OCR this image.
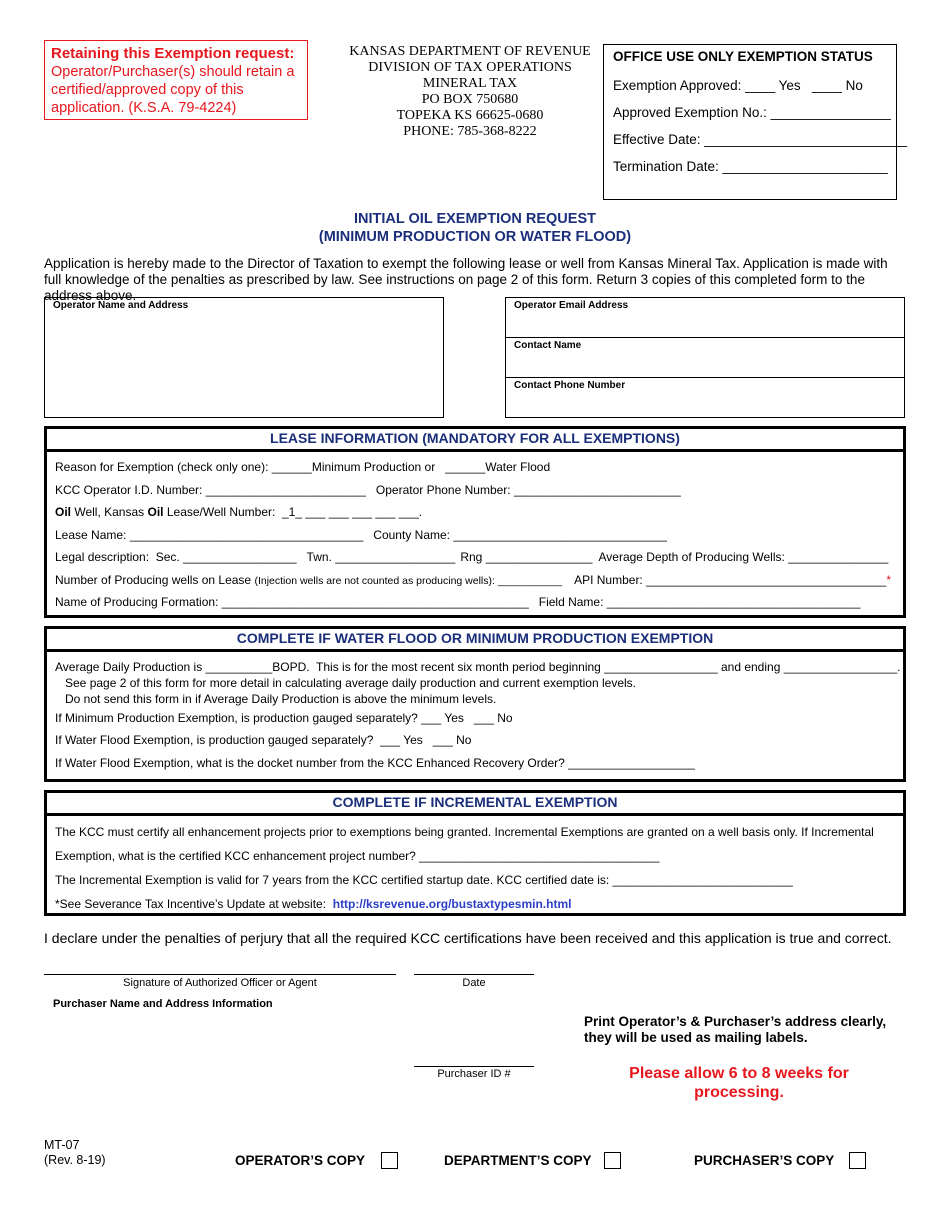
Retaining this Exemption request:
Operator/Purchaser(s) should retain a certified/approved copy of this application. (K.S.A. 79-4224)
KANSAS DEPARTMENT OF REVENUE
DIVISION OF TAX OPERATIONS
MINERAL TAX
PO BOX 750680
TOPEKA KS 66625-0680
PHONE: 785-368-8222
OFFICE USE ONLY EXEMPTION STATUS
Exemption Approved: ____ Yes   ____ No
Approved Exemption No.: ________________
Effective Date: ___________________________
Termination Date: ______________________
INITIAL OIL EXEMPTION REQUEST
(MINIMUM PRODUCTION OR WATER FLOOD)
Application is hereby made to the Director of Taxation to exempt the following lease or well from Kansas Mineral Tax. Application is made with full knowledge of the penalties as prescribed by law. See instructions on page 2 of this form. Return 3 copies of this completed form to the address above.
Operator Name and Address	Operator Email Address
Contact Name
Contact Phone Number
LEASE INFORMATION (MANDATORY FOR ALL EXEMPTIONS)
Reason for Exemption (check only one): ______Minimum Production or   ______Water Flood
KCC Operator I.D. Number: ________________________ Operator Phone Number: _________________________
Oil Well, Kansas Oil Lease/Well Number:  _1_ ___ ___ ___ ___ ___.
Lease Name: ___________________________________ County Name: ________________________________
Legal description:  Sec. _________________ Twn. __________________ Rng ________________ Average Depth of Producing Wells: _______________
Number of Producing wells on Lease (Injection wells are not counted as producing wells): ___________ API Number: ____________________________________*
Name of Producing Formation: ______________________________________________ Field Name: ______________________________________
COMPLETE IF WATER FLOOD OR MINIMUM PRODUCTION EXEMPTION
Average Daily Production is __________BOPD.  This is for the most recent six month period beginning _________________ and ending _________________.
See page 2 of this form for more detail in calculating average daily production and current exemption levels.
Do not send this form in if Average Daily Production is above the minimum levels.
If Minimum Production Exemption, is production gauged separately? ___ Yes   ___ No
If Water Flood Exemption, is production gauged separately?  ___ Yes   ___ No
If Water Flood Exemption, what is the docket number from the KCC Enhanced Recovery Order? ___________________
COMPLETE IF INCREMENTAL EXEMPTION
The KCC must certify all enhancement projects prior to exemptions being granted. Incremental Exemptions are granted on a well basis only. If Incremental
Exemption, what is the certified KCC enhancement project number? ____________________________________
The Incremental Exemption is valid for 7 years from the KCC certified startup date. KCC certified date is: ___________________________
*See Severance Tax Incentive’s Update at website:  http://ksrevenue.org/bustaxtypesmin.html
I declare under the penalties of perjury that all the required KCC certifications have been received and this application is true and correct.
Signature of Authorized Officer or Agent	Date
Purchaser Name and Address Information
Purchaser ID #
Print Operator’s & Purchaser’s address clearly, they will be used as mailing labels.
Please allow 6 to 8 weeks for processing.
MT-07
(Rev. 8-19)	OPERATOR’S COPY	DEPARTMENT’S COPY	PURCHASER’S COPY
